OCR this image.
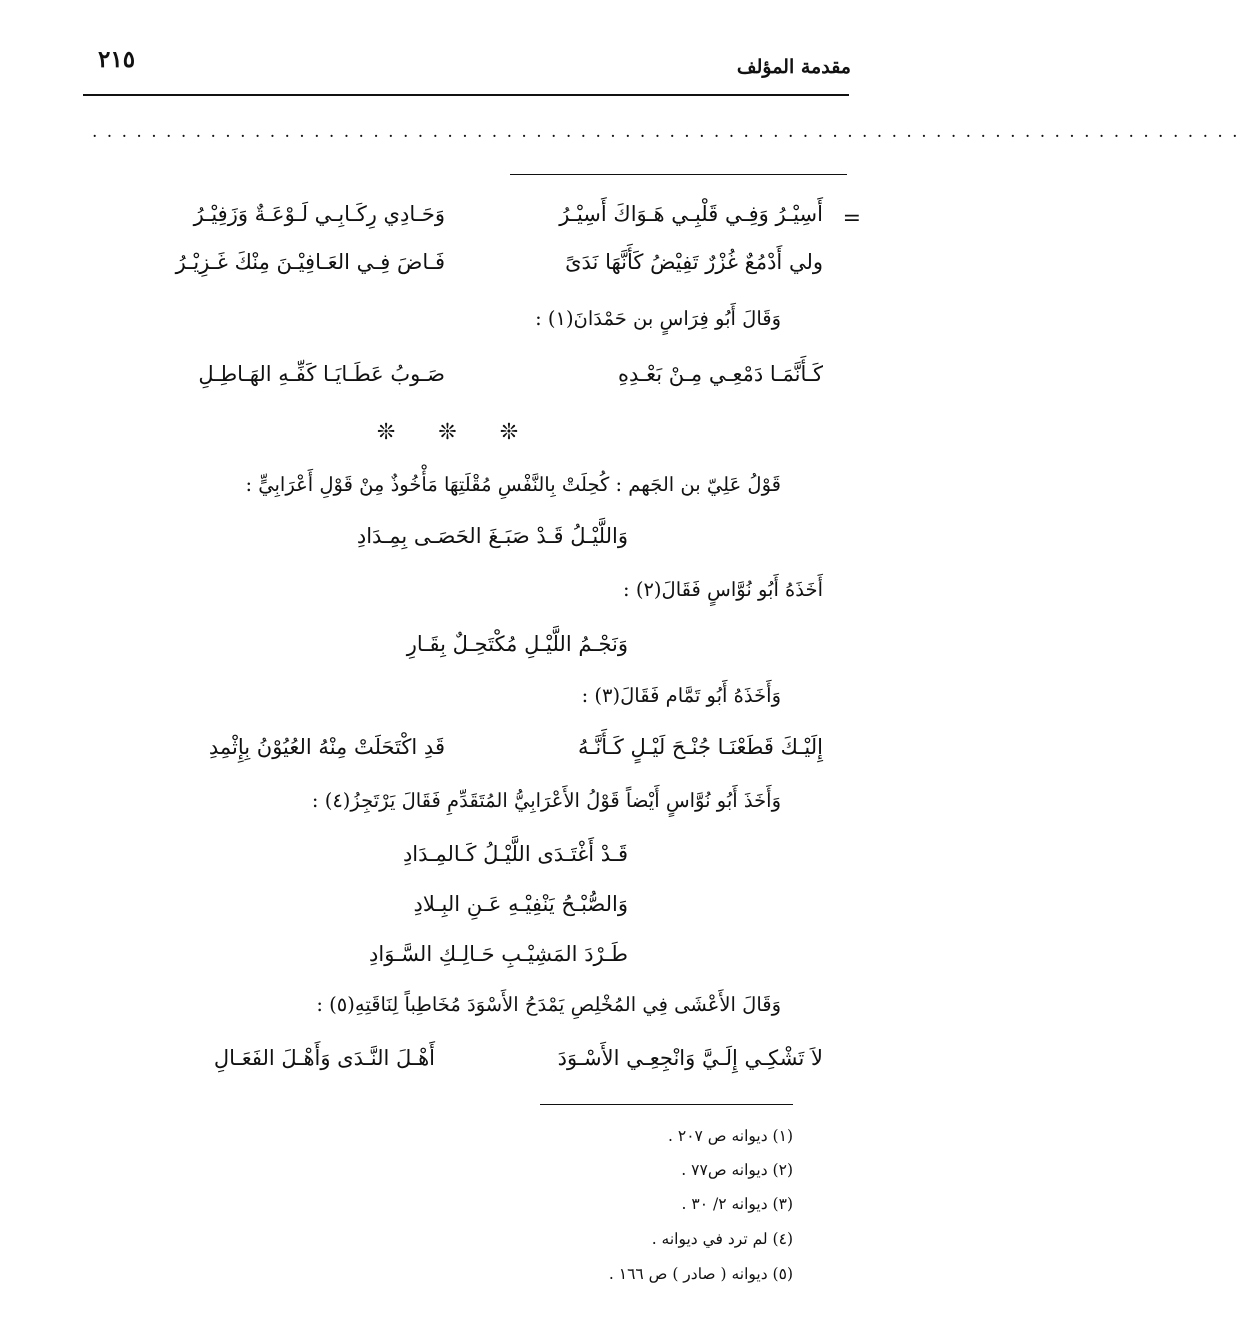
مقدمة المؤلف
٢١٥
. . . . . . . . . . . . . . . . . . . . . . . . . . . . . . . . . . . . . . . . . . . . . . . . . . . . . . . . . . . . . . . . . . . . . . . . . . . . . .
=
أَسِيْـرُ وَفِـي قَلْبِـي هَـوَاكَ أَسِيْـرُ
وَحَـادِي رِكَـابِـي لَـوْعَـةٌ وَزَفِيْـرُ
ولي أَدْمُعٌ غُزْرٌ تَفِيْضُ كَأَنَّهَا نَدَىً
فَـاضَ فِـي العَـافِيْـنَ مِنْكَ غَـزِيْـرُ
وَقَالَ أَبُو فِرَاسٍ بن حَمْدَانَ(١) :
كَـأَنَّمَـا دَمْعِـي مِـنْ بَعْـدِهِ
صَـوبُ عَطَـايَـا كَفِّـهِ الهَـاطِـلِ
❊ ❊ ❊
قَوْلُ عَلِيّ بن الجَهم : كُحِلَتْ بِالنَّفْسِ مُقْلَتِهَا مَأْخُوذٌ مِنْ قَوْلِ أَعْرَابِيٍّ :
وَاللَّيْـلُ قَـدْ صَبَـغَ الحَصَـى بِمِـدَادِ
أَخَذَهُ أَبُو نُوَّاسٍ فَقَالَ(٢) :
وَنَجْـمُ اللَّيْـلِ مُكْتَحِـلٌ بِقَـارِ
وَأَخَذَهُ أَبُو تَمَّام فَقَالَ(٣) :
إِلَيْـكَ قَطَعْنَـا جُنْـحَ لَيْـلٍ كَـأَنَّـهُ
قَدِ اكْتَحَلَتْ مِنْهُ العُيُوْنُ بِإِثْمِدِ
وَأَخَذَ أَبُو نُوَّاسٍ أَيْضاً قَوْلُ الأَعْرَابِيُّ المُتَقَدِّمِ فَقَالَ يَرْتَجِزُ(٤) :
قَـدْ أَغْتَـدَى اللَّيْـلُ كَـالمِـدَادِ
وَالصُّبْـحُ يَنْفِيْـهِ عَـنِ البِـلادِ
طَـرْدَ المَشِيْـبِ حَـالِـكِ السَّـوَادِ
وَقَالَ الأَعْشَى فِي المُخْلِصِ يَمْدَحُ الأَسْوَدَ مُخَاطِباً لِنَاقَتِهِ(٥) :
لاَ تَشْكِـي إِلَـيَّ وَانْجِعِـي الأَسْـوَدَ
أَهْـلَ النَّـدَى وَأَهْـلَ الفَعَـالِ
(١) ديوانه ص ٢٠٧ .
(٢) ديوانه ص٧٧ .
(٣) ديوانه ٢/ ٣٠ .
(٤) لم ترد في ديوانه .
(٥) ديوانه ( صادر ) ص ١٦٦ .
